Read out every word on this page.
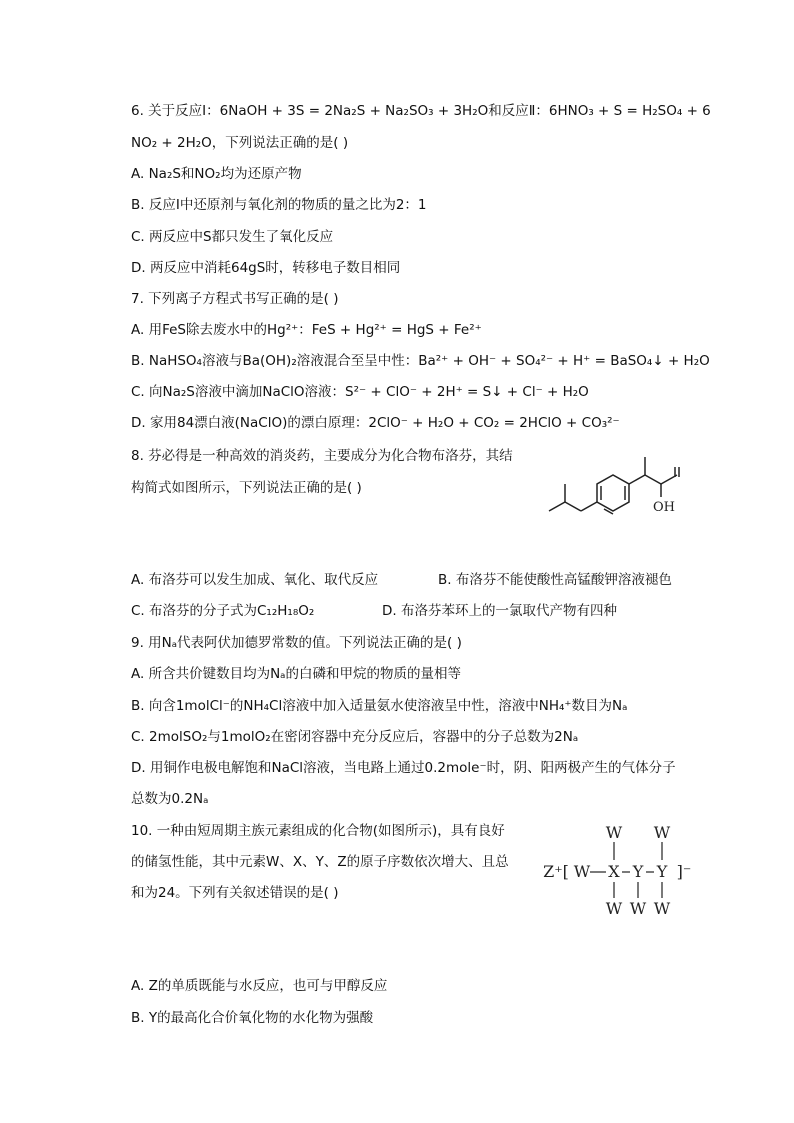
6. 关于反应Ⅰ：6NaOH + 3S = 2Na₂S + Na₂SO₃ + 3H₂O和反应Ⅱ：6HNO₃ + S = H₂SO₄ + 6
NO₂ + 2H₂O，下列说法正确的是( )
A. Na₂S和NO₂均为还原产物
B. 反应Ⅰ中还原剂与氧化剂的物质的量之比为2：1
C. 两反应中S都只发生了氧化反应
D. 两反应中消耗64gS时，转移电子数目相同
7. 下列离子方程式书写正确的是( )
A. 用FeS除去废水中的Hg²⁺：FeS + Hg²⁺ = HgS + Fe²⁺
B. NaHSO₄溶液与Ba(OH)₂溶液混合至呈中性：Ba²⁺ + OH⁻ + SO₄²⁻ + H⁺ = BaSO₄↓ + H₂O
C. 向Na₂S溶液中滴加NaClO溶液：S²⁻ + ClO⁻ + 2H⁺ = S↓ + Cl⁻ + H₂O
D. 家用84漂白液(NaClO)的漂白原理：2ClO⁻ + H₂O + CO₂ = 2HClO + CO₃²⁻
8. 芬必得是一种高效的消炎药，主要成分为化合物布洛芬，其结
构简式如图所示，下列说法正确的是( )
OH
A. 布洛芬可以发生加成、氧化、取代反应	B. 布洛芬不能使酸性高锰酸钾溶液褪色
C. 布洛芬的分子式为C₁₂H₁₈O₂	D. 布洛芬苯环上的一氯取代产物有四种
9. 用Nₐ代表阿伏加德罗常数的值。下列说法正确的是( )
A. 所含共价键数目均为Nₐ的白磷和甲烷的物质的量相等
B. 向含1molCl⁻的NH₄Cl溶液中加入适量氨水使溶液呈中性，溶液中NH₄⁺数目为Nₐ
C. 2molSO₂与1molO₂在密闭容器中充分反应后，容器中的分子总数为2Nₐ
D. 用铜作电极电解饱和NaCl溶液，当电路上通过0.2mole⁻时，阴、阳两极产生的气体分子
总数为0.2Nₐ
10. 一种由短周期主族元素组成的化合物(如图所示)，具有良好
的储氢性能，其中元素W、X、Y、Z的原子序数依次增大、且总
和为24。下列有关叙述错误的是( )
W W
Z⁺[ W X Y Y ]⁻
W W W
A. Z的单质既能与水反应，也可与甲醇反应
B. Y的最高化合价氧化物的水化物为强酸
